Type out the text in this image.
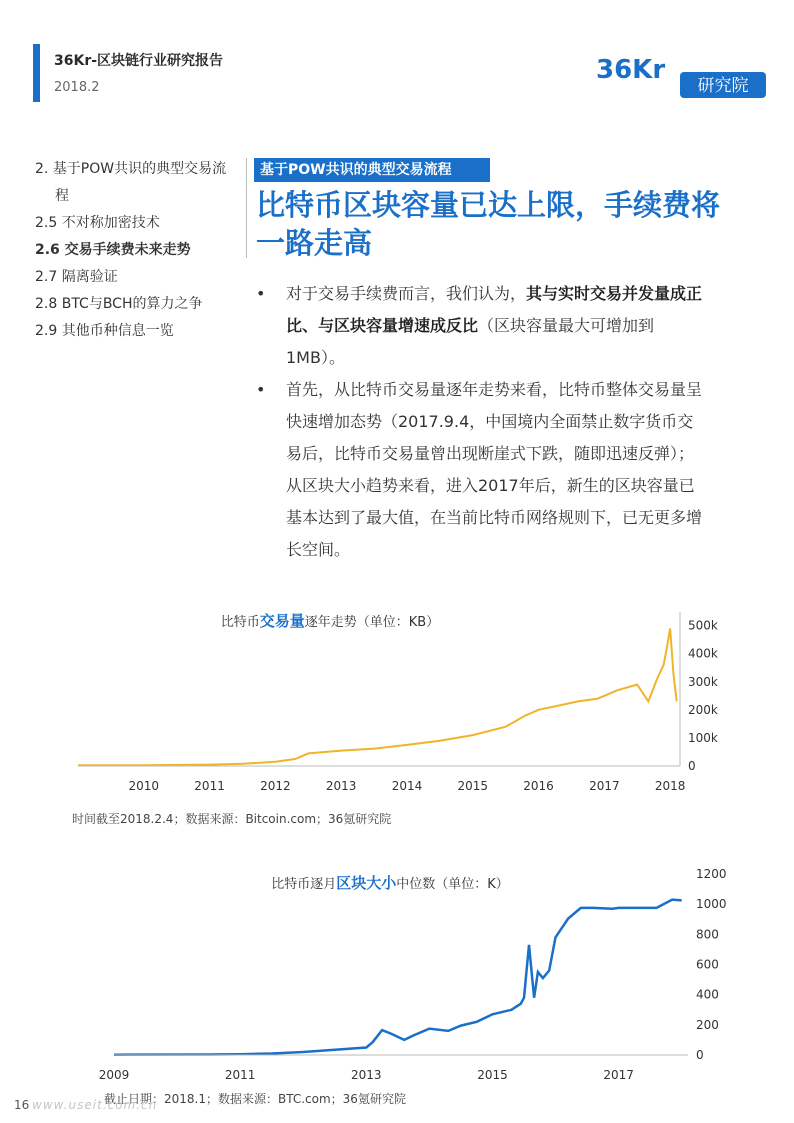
36Kr-区块链行业研究报告
2018.2
36Kr
研究院
2. 基于POW共识的典型交易流程
2.5 不对称加密技术
2.6 交易手续费未来走势
2.7 隔离验证
2.8 BTC与BCH的算力之争
2.9 其他币种信息一览
基于POW共识的典型交易流程
比特币区块容量已达上限，手续费将一路走高

• 对于交易手续费而言，我们认为，其与实时交易并发量成正比、与区块容量增速成反比（区块容量最大可增加到1MB）。

• 首先，从比特币交易量逐年走势来看，比特币整体交易量呈快速增加态势（2017.9.4，中国境内全面禁止数字货币交易后，比特币交易量曾出现断崖式下跌，随即迅速反弹）；从区块大小趋势来看，进入2017年后，新生的区块容量已基本达到了最大值，在当前比特币网络规则下，已无更多增长空间。

比特币交易量逐年走势（单位：KB）
0
100k
200k
300k
400k
500k
2010	2011	2012	2013	2014	2015	2016	2017	2018
时间截至2018.2.4；数据来源：Bitcoin.com；36氪研究院
比特币逐月区块大小中位数（单位：K）
0
200
400
600
800
1000
1200
2009	2011	2013	2015	2017
截止日期：2018.1；数据来源：BTC.com；36氪研究院
www.useit.com.cn
16
